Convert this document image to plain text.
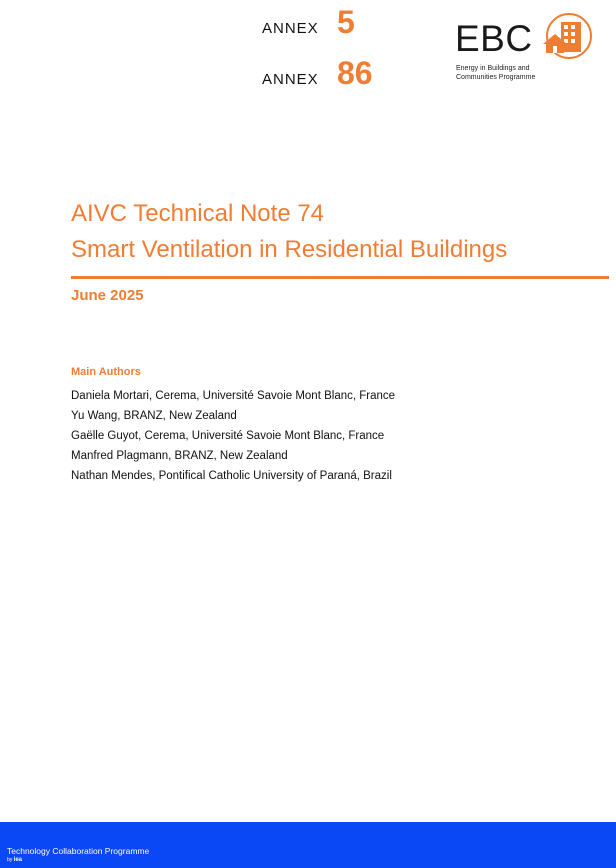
ANNEX 5
ANNEX 86
EBC
Energy in Buildings and
Communities Programme
AIVC Technical Note 74
Smart Ventilation in Residential Buildings
June 2025
Main Authors
Daniela Mortari, Cerema, Université Savoie Mont Blanc, France
Yu Wang, BRANZ, New Zealand
Gaëlle Guyot, Cerema, Université Savoie Mont Blanc, France
Manfred Plagmann, BRANZ, New Zealand
Nathan Mendes, Pontifical Catholic University of Paraná, Brazil
Technology Collaboration Programme
by iea
